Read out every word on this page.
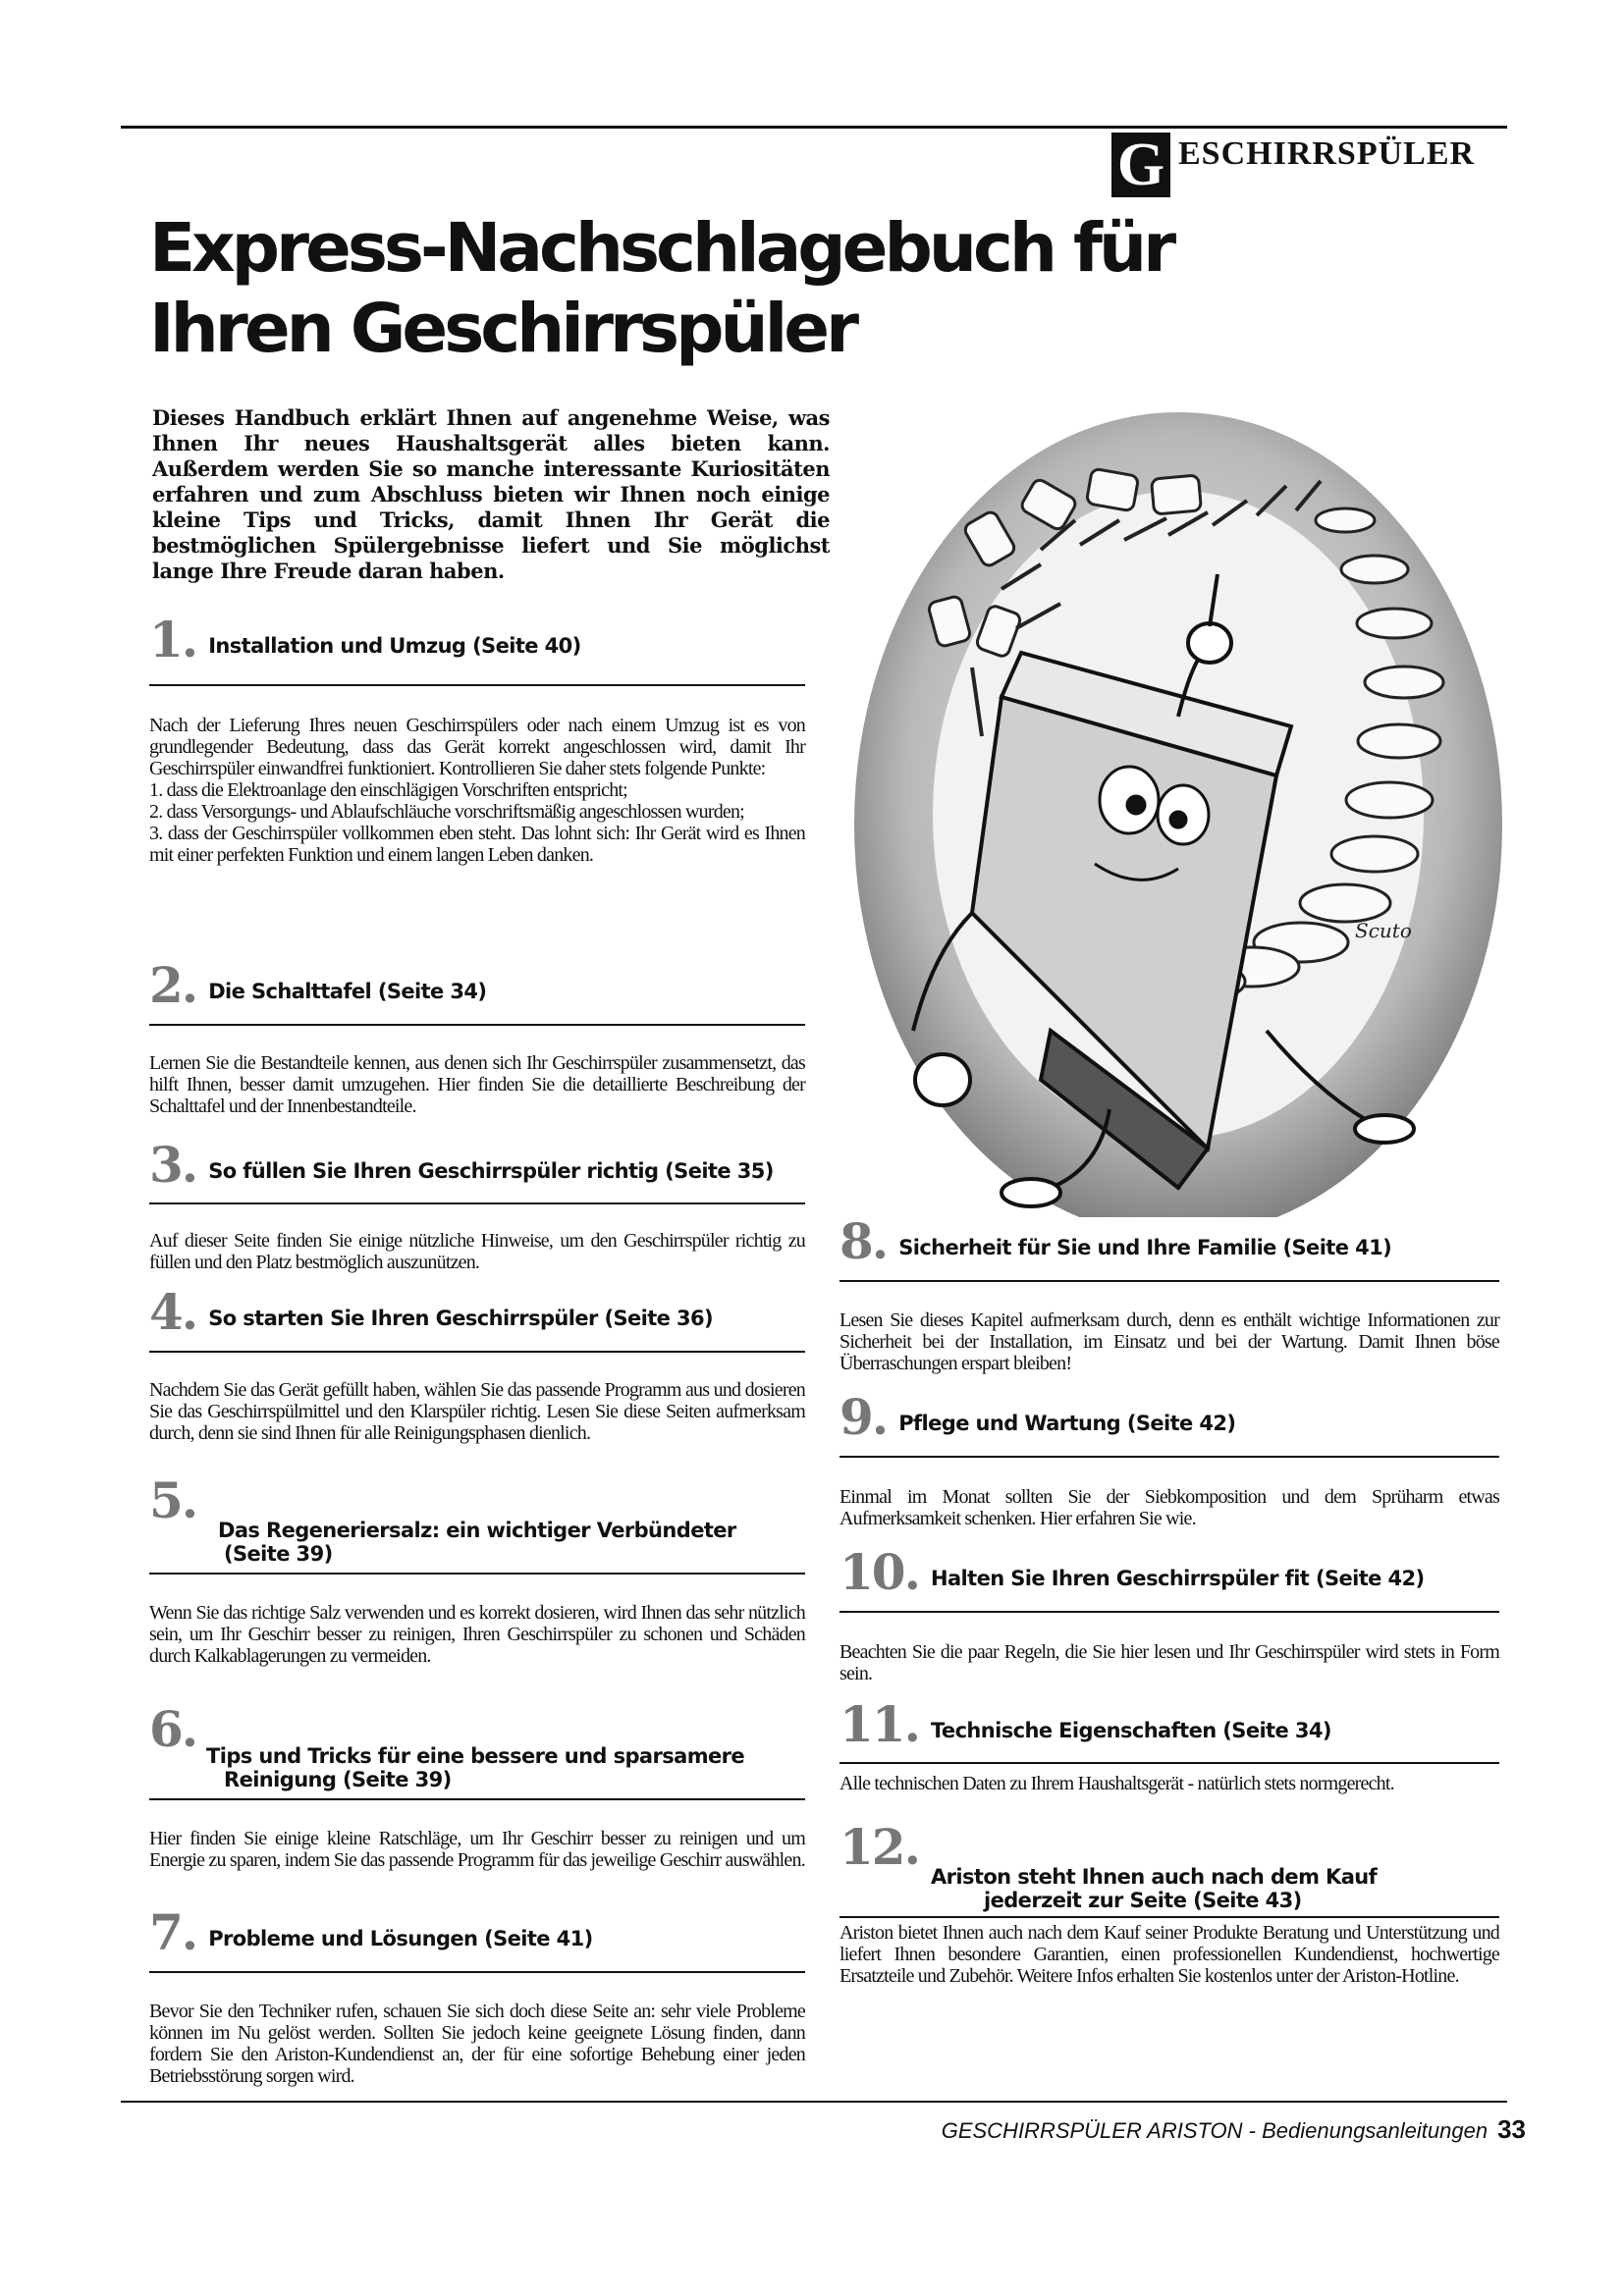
G ESCHIRRSPÜLER
Express-Nachschlagebuch für
Ihren Geschirrspüler
Dieses Handbuch erklärt Ihnen auf angenehme Weise, was Ihnen Ihr neues Haushaltsgerät alles bieten kann. Außerdem werden Sie so manche interessante Kuriositäten erfahren und zum Abschluss bieten wir Ihnen noch einige kleine Tips und Tricks, damit Ihnen Ihr Gerät die bestmöglichen Spülergebnisse liefert und Sie möglichst lange Ihre Freude daran haben.
Scuto
1. Installation und Umzug (Seite 40)
Nach der Lieferung Ihres neuen Geschirrspülers oder nach einem Umzug ist es von grundlegender Bedeutung, dass das Gerät korrekt angeschlossen wird, damit Ihr Geschirrspüler einwandfrei funktioniert. Kontrollieren Sie daher stets folgende Punkte:
1. dass die Elektroanlage den einschlägigen Vorschriften entspricht;
2. dass Versorgungs- und Ablaufschläuche vorschriftsmäßig angeschlossen wurden;
3. dass der Geschirrspüler vollkommen eben steht. Das lohnt sich: Ihr Gerät wird es Ihnen mit einer perfekten Funktion und einem langen Leben danken.
2. Die Schalttafel (Seite 34)
Lernen Sie die Bestandteile kennen, aus denen sich Ihr Geschirrspüler zusammensetzt, das hilft Ihnen, besser damit umzugehen. Hier finden Sie die detaillierte Beschreibung der Schalttafel und der Innenbestandteile.
3. So füllen Sie Ihren Geschirrspüler richtig (Seite 35)
Auf dieser Seite finden Sie einige nützliche Hinweise, um den Geschirrspüler richtig zu füllen und den Platz bestmöglich auszunützen.
4. So starten Sie Ihren Geschirrspüler (Seite 36)
Nachdem Sie das Gerät gefüllt haben, wählen Sie das passende Programm aus und dosieren Sie das Geschirrspülmittel und den Klarspüler richtig. Lesen Sie diese Seiten aufmerksam durch, denn sie sind Ihnen für alle Reinigungsphasen dienlich.
5.
Das Regeneriersalz: ein wichtiger Verbündeter
(Seite 39)
Wenn Sie das richtige Salz verwenden und es korrekt dosieren, wird Ihnen das sehr nützlich sein, um Ihr Geschirr besser zu reinigen, Ihren Geschirrspüler zu schonen und Schäden durch Kalkablagerungen zu vermeiden.
6. Tips und Tricks für eine bessere und sparsamere
Reinigung (Seite 39)
Hier finden Sie einige kleine Ratschläge, um Ihr Geschirr besser zu reinigen und um Energie zu sparen, indem Sie das passende Programm für das jeweilige Geschirr auswählen.
7. Probleme und Lösungen (Seite 41)
Bevor Sie den Techniker rufen, schauen Sie sich doch diese Seite an: sehr viele Probleme können im Nu gelöst werden. Sollten Sie jedoch keine geeignete Lösung finden, dann fordern Sie den Ariston-Kundendienst an, der für eine sofortige Behebung einer jeden Betriebsstörung sorgen wird.
8. Sicherheit für Sie und Ihre Familie (Seite 41)
Lesen Sie dieses Kapitel aufmerksam durch, denn es enthält wichtige Informationen zur Sicherheit bei der Installation, im Einsatz und bei der Wartung. Damit Ihnen böse Überraschungen erspart bleiben!
9. Pflege und Wartung (Seite 42)
Einmal im Monat sollten Sie der Siebkomposition und dem Sprüharm etwas Aufmerksamkeit schenken. Hier erfahren Sie wie.
10. Halten Sie Ihren Geschirrspüler fit (Seite 42)
Beachten Sie die paar Regeln, die Sie hier lesen und Ihr Geschirrspüler wird stets in Form sein.
11. Technische Eigenschaften (Seite 34)
Alle technischen Daten zu Ihrem Haushaltsgerät - natürlich stets normgerecht.
12.
Ariston steht Ihnen auch nach dem Kauf
jederzeit zur Seite (Seite 43)
Ariston bietet Ihnen auch nach dem Kauf seiner Produkte Beratung und Unterstützung und liefert Ihnen besondere Garantien, einen professionellen Kundendienst, hochwertige Ersatzteile und Zubehör. Weitere Infos erhalten Sie kostenlos unter der Ariston-Hotline.
GESCHIRRSPÜLER ARISTON - Bedienungsanleitungen 33
